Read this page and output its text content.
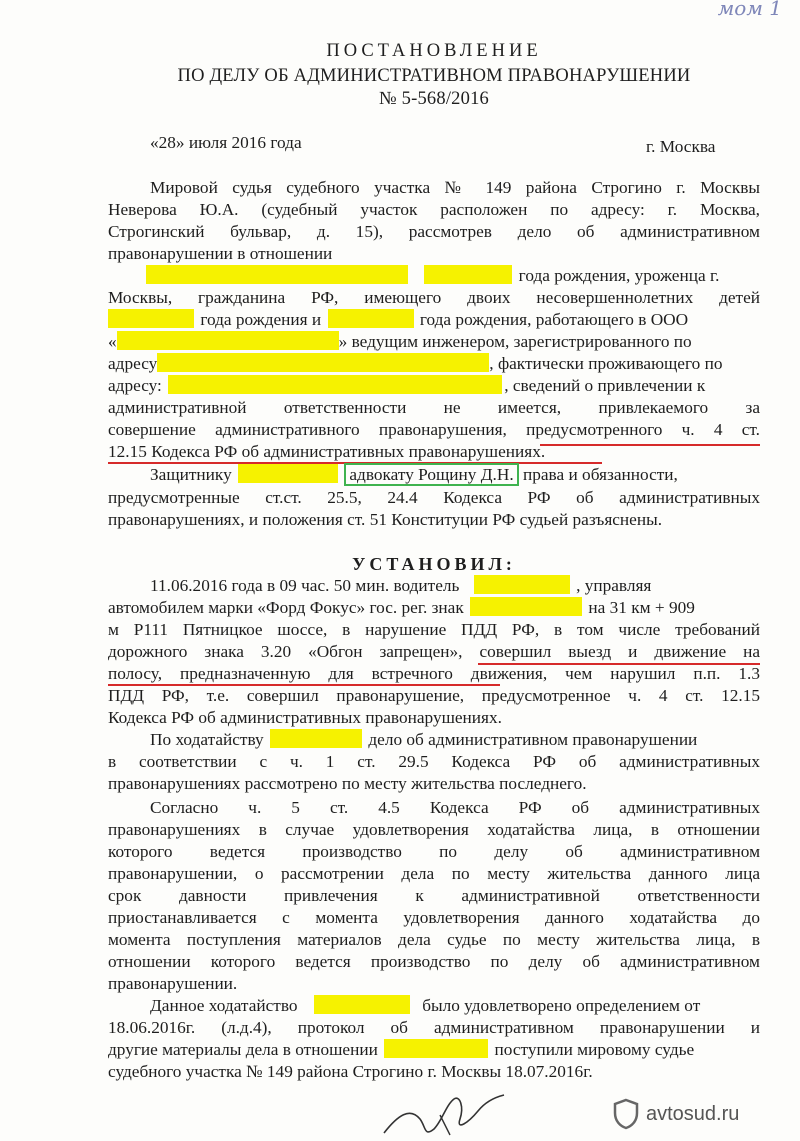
мом 1
ПОСТАНОВЛЕНИЕ
ПО ДЕЛУ ОБ АДМИНИСТРАТИВНОМ ПРАВОНАРУШЕНИИ
№ 5-568/2016
«28» июля 2016 года	г. Москва
Мировой судья судебного участка № 149 района Строгино г. Москвы
Неверова Ю.А. (судебный участок расположен по адресу: г. Москва,
Строгинский бульвар, д. 15), рассмотрев дело об административном
правонарушении в отношении
года рождения, уроженца г.
Москвы, гражданина РФ, имеющего двоих несовершеннолетних детей
года рождения и	года рождения, работающего в ООО
«	» ведущим инженером, зарегистрированного по
адресу	, фактически проживающего по
адресу:	, сведений о привлечении к
административной ответственности не имеется, привлекаемого за
совершение административного правонарушения, предусмотренного ч. 4 ст.
12.15 Кодекса РФ об административных правонарушениях.
Защитнику	адвокату Рощину Д.Н. права и обязанности,
предусмотренные ст.ст. 25.5, 24.4 Кодекса РФ об административных
правонарушениях, и положения ст. 51 Конституции РФ судьей разъяснены.
УСТАНОВИЛ:
11.06.2016 года в 09 час. 50 мин. водитель	, управляя
автомобилем марки «Форд Фокус» гос. рег. знак	на 31 км + 909
м Р111 Пятницкое шоссе, в нарушение ПДД РФ, в том числе требований
дорожного знака 3.20 «Обгон запрещен», совершил выезд и движение на
полосу, предназначенную для встречного движения, чем нарушил п.п. 1.3
ПДД РФ, т.е. совершил правонарушение, предусмотренное ч. 4 ст. 12.15
Кодекса РФ об административных правонарушениях.
По ходатайству	дело об административном правонарушении
в соответствии с ч. 1 ст. 29.5 Кодекса РФ об административных
правонарушениях рассмотрено по месту жительства последнего.
Согласно ч. 5 ст. 4.5 Кодекса РФ об административных
правонарушениях в случае удовлетворения ходатайства лица, в отношении
которого ведется производство по делу об административном
правонарушении, о рассмотрении дела по месту жительства данного лица
срок давности привлечения к административной ответственности
приостанавливается с момента удовлетворения данного ходатайства до
момента поступления материалов дела судье по месту жительства лица, в
отношении которого ведется производство по делу об административном
правонарушении.
Данное ходатайство	было удовлетворено определением от
18.06.2016г. (л.д.4), протокол об административном правонарушении и
другие материалы дела в отношении	поступили мировому судье
судебного участка № 149 района Строгино г. Москвы 18.07.2016г.
avtosud.ru
